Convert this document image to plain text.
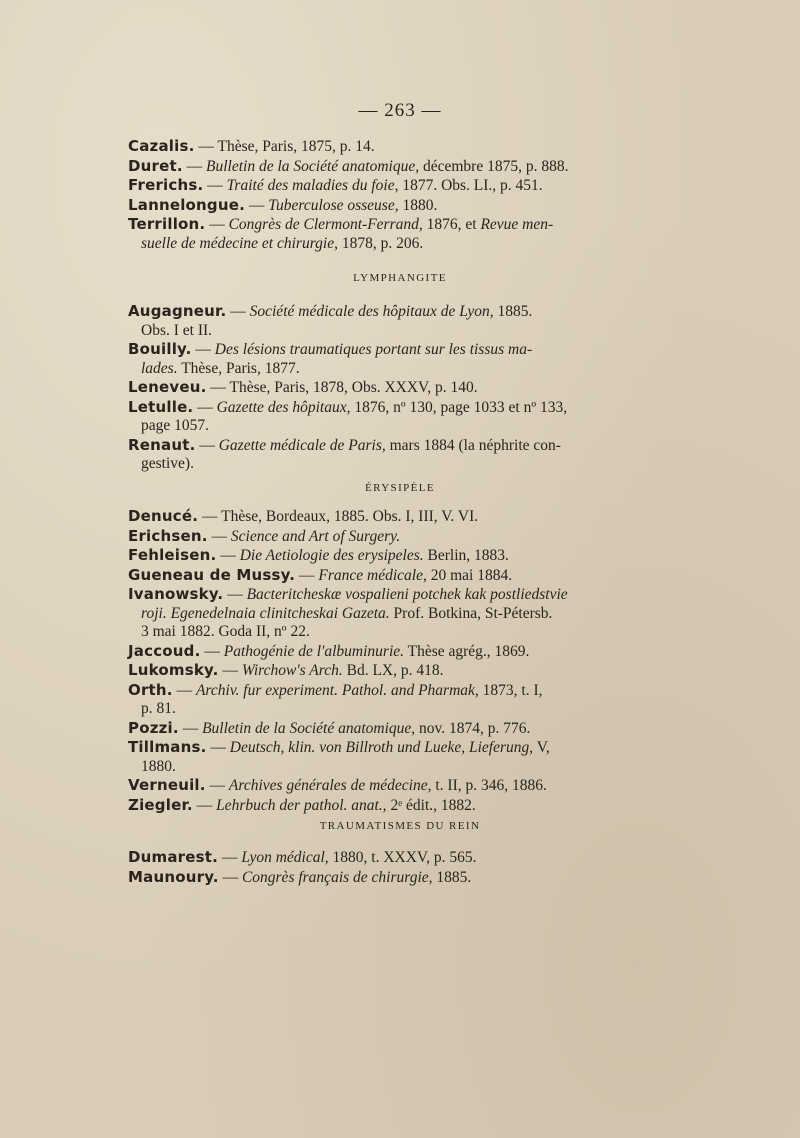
— 263 —
Cazalis. — Thèse, Paris, 1875, p. 14.
Duret. — Bulletin de la Société anatomique, décembre 1875, p. 888.
Frerichs. — Traité des maladies du foie, 1877. Obs. LI., p. 451.
Lannelongue. — Tuberculose osseuse, 1880.
Terrillon. — Congrès de Clermont-Ferrand, 1876, et Revue men-
suelle de médecine et chirurgie, 1878, p. 206.
LYMPHANGITE
Augagneur. — Société médicale des hôpitaux de Lyon, 1885.
Obs. I et II.
Bouilly. — Des lésions traumatiques portant sur les tissus ma-
lades. Thèse, Paris, 1877.
Leneveu. — Thèse, Paris, 1878, Obs. XXXV, p. 140.
Letulle. — Gazette des hôpitaux, 1876, nº 130, page 1033 et nº 133,
page 1057.
Renaut. — Gazette médicale de Paris, mars 1884 (la néphrite con-
gestive).
ÉRYSIPÈLE
Denucé. — Thèse, Bordeaux, 1885. Obs. I, III, V. VI.
Erichsen. — Science and Art of Surgery.
Fehleisen. — Die Aetiologie des erysipeles. Berlin, 1883.
Gueneau de Mussy. — France médicale, 20 mai 1884.
Ivanowsky. — Bacteritcheskæ vospalieni potchek kak postliedstvie
roji. Egenedelnaia clinitcheskai Gazeta. Prof. Botkina, St-Pétersb.
3 mai 1882. Goda II, nº 22.
Jaccoud. — Pathogénie de l'albuminurie. Thèse agrég., 1869.
Lukomsky. — Wirchow's Arch. Bd. LX, p. 418.
Orth. — Archiv. fur experiment. Pathol. and Pharmak, 1873, t. I,
p. 81.
Pozzi. — Bulletin de la Société anatomique, nov. 1874, p. 776.
Tillmans. — Deutsch, klin. von Billroth und Lueke, Lieferung, V,
1880.
Verneuil. — Archives générales de médecine, t. II, p. 346, 1886.
Ziegler. — Lehrbuch der pathol. anat., 2ᵉ édit., 1882.
TRAUMATISMES DU REIN
Dumarest. — Lyon médical, 1880, t. XXXV, p. 565.
Maunoury. — Congrès français de chirurgie, 1885.
